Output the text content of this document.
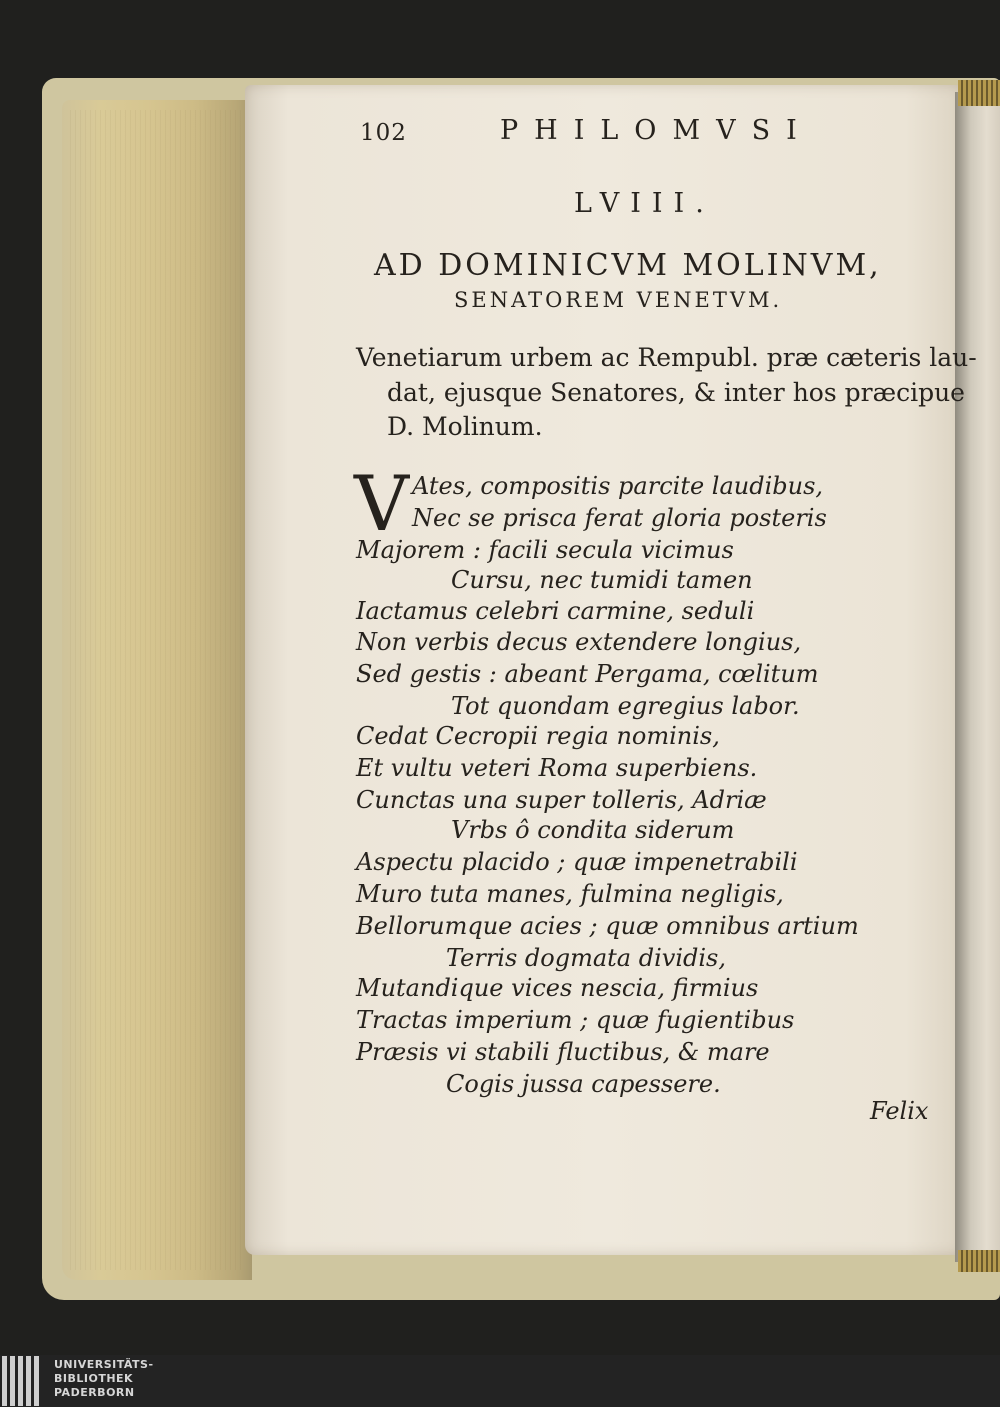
102	PHILOMVSI
LVIII.
AD DOMINICVM MOLINVM,
SENATOREM VENETVM.
Venetiarum urbem ac Rempubl. præ cæteris lau-
dat, ejusque Senatores, & inter hos præcipue
D. Molinum.
V Ates, compositis parcite laudibus,
Nec se prisca ferat gloria posteris
Majorem : facili secula vicimus
Cursu, nec tumidi tamen
Iactamus celebri carmine, seduli
Non verbis decus extendere longius,
Sed gestis : abeant Pergama, cœlitum
Tot quondam egregius labor.
Cedat Cecropii regia nominis,
Et vultu veteri Roma superbiens.
Cunctas una super tolleris, Adriæ
Vrbs ô condita siderum
Aspectu placido ; quæ impenetrabili
Muro tuta manes, fulmina negligis,
Bellorumque acies ; quæ omnibus artium
Terris dogmata dividis,
Mutandique vices nescia, firmius
Tractas imperium ; quæ fugientibus
Præsis vi stabili fluctibus, & mare
Cogis jussa capessere.
Felix
UNIVERSITÄTS-
BIBLIOTHEK
PADERBORN
